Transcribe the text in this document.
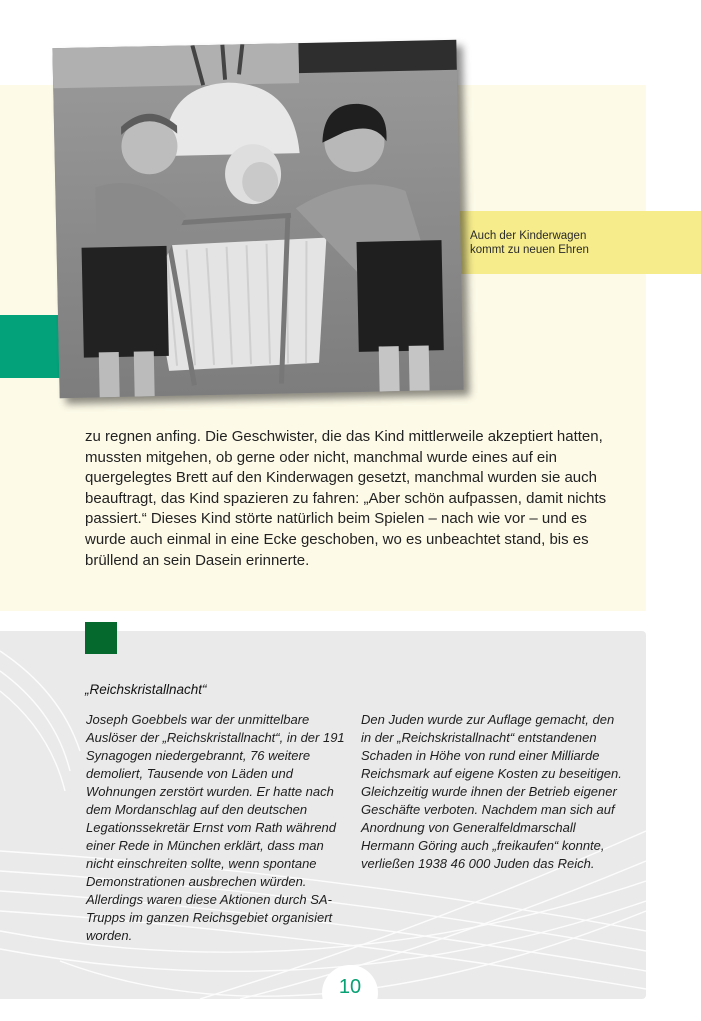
Auch der Kinderwagen
kommt zu neuen Ehren

zu regnen anfing. Die Geschwister, die das Kind mittlerweile akzeptiert hatten, mussten mitgehen, ob gerne oder nicht, manchmal wurde eines auf ein quergelegtes Brett auf den Kinderwagen gesetzt, manchmal wurden sie auch beauftragt, das Kind spazieren zu fahren: „Aber schön aufpassen, damit nichts passiert.“ Dieses Kind störte natürlich beim Spielen – nach wie vor – und es wurde auch einmal in eine Ecke geschoben, wo es unbeachtet stand, bis es brüllend an sein Dasein erinnerte.

„Reichskristallnacht“

Joseph Goebbels war der unmittelbare Auslöser der „Reichskristallnacht“, in der 191 Synagogen niedergebrannt, 76 weitere demoliert, Tausende von Läden und Wohnungen zerstört wurden. Er hatte nach dem Mordanschlag auf den deutschen Legationssekretär Ernst vom Rath während einer Rede in München erklärt, dass man nicht einschreiten sollte, wenn spontane Demonstrationen ausbrechen würden. Allerdings waren diese Aktionen durch SA-Trupps im ganzen Reichsgebiet organisiert worden.

Den Juden wurde zur Auflage gemacht, den in der „Reichskristallnacht“ entstandenen Schaden in Höhe von rund einer Milliarde Reichsmark auf eigene Kosten zu beseitigen. Gleichzeitig wurde ihnen der Betrieb eigener Geschäfte verboten. Nachdem man sich auf Anordnung von Generalfeldmarschall Hermann Göring auch „freikaufen“ konnte, verließen 1938 46 000 Juden das Reich.

10
